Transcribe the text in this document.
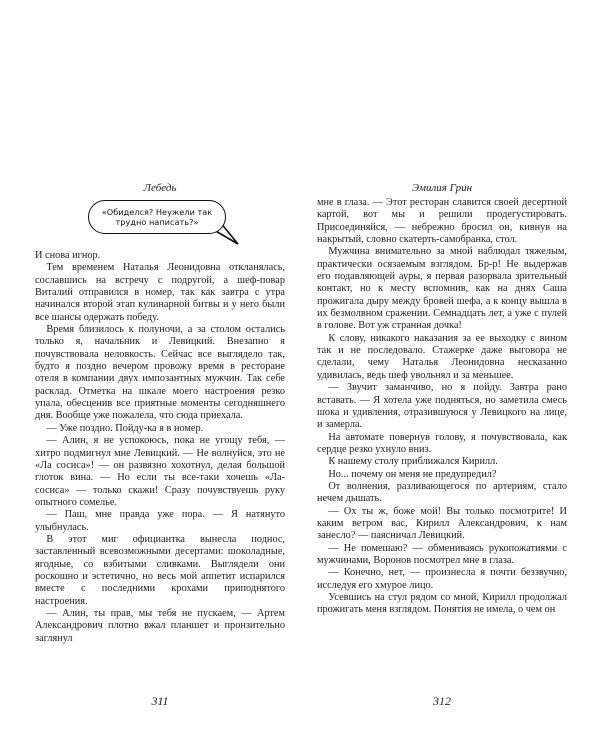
Лебедь	Эмилия Грин
«Обиделся? Неужели так трудно написать?»

И снова игнор.

Тем временем Наталья Леонидовна откланялась, сославшись на встречу с подругой, а шеф-повар Виталий отправился в номер, так как завтра с утра начинался второй этап кулинарной битвы и у него были все шансы одержать победу.

Время близилось к полуночи, а за столом остались только я, начальник и Левицкий. Внезапно я почувствовала неловкость. Сейчас все выглядело так, будто я поздно вечером провожу время в ресторане отеля в компании двух импозантных мужчин. Так себе расклад. Отметка на шкале моего настроения резко упала, обесценив все приятные моменты сегодняшнего дня. Вообще уже пожалела, что сюда приехала.

— Уже поздно. Пойду-ка я в номер.

— Алин, я не успокоюсь, пока не угощу тебя, — хитро подмигнул мне Левицкий. — Не волнуйся, это не «Ла сосиса»! — он развязно хохотнул, делая большой глоток вина. — Но если ты все-таки хочешь «Ла-сосиса» — только скажи! Сразу почувствуешь руку опытного сомелье.

— Паш, мне правда уже пора. — Я натянуто улыбнулась.

В этот миг официантка вынесла поднос, заставленный всевозможными десертами: шоколадные, ягодные, со взбитыми сливками. Выглядели они роскошно и эстетично, но весь мой аппетит испарился вместе с последними крохами приподнятого настроения.

— Алин, ты прав, мы тебя не пускаем, — Артем Александрович плотно вжал планшет и пронзительно заглянул

мне в глаза. — Этот ресторан славится своей десертной картой, вот мы и решили продегустировать. Присоединяйся, — небрежно бросил он, кивнув на накрытый, словно скатерть-самобранка, стол.

Мужчина внимательно за мной наблюдал тяжелым, практически осязаемым взглядом. Бр-р! Не выдержав его подавляющей ауры, я первая разорвала зрительный контакт, но к месту вспомнив, как на днях Саша прожигала дыру между бровей шефа, а к концу вышла в их безмолвном сражении. Семнадцать лет, а уже с пулей в голове. Вот уж странная дочка!

К слову, никакого наказания за ее выходку с вином так и не последовало. Стажерке даже выговора не сделали, чему Наталья Леонидовна несказанно удивилась, ведь шеф увольнял и за меньшее.

— Звучит заманчиво, но я пойду. Завтра рано вставать. — Я хотела уже подняться, но заметила смесь шока и удивления, отразившуюся у Левицкого на лице, и замерла.

На автомате повернув голову, я почувствовала, как сердце резко ухнуло вниз.

К нашему столу приближался Кирилл.

Но... почему он меня не предупредил?

От волнения, разливающегося по артериям, стало нечем дышать.

— Ох ты ж, боже мой! Вы только посмотрите! И каким ветром вас, Кирилл Александрович, к нам занесло? — паясничал Левицкий.

— Не помешаю? — обмениваясь рукопожатиями с мужчинами, Воронов посмотрел мне в глаза.

— Конечно, нет, — произнесла я почти беззвучно, исследуя его хмурое лицо.

Усевшись на стул рядом со мной, Кирилл продолжал прожигать меня взглядом. Понятия не имела, о чем он

311	312
